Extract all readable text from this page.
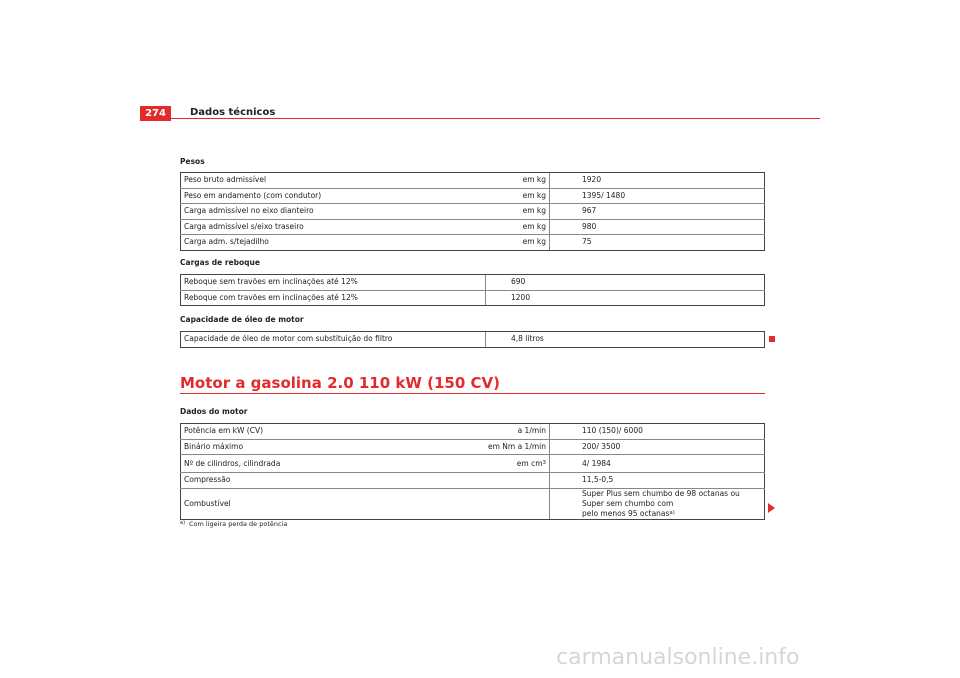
274	Dados técnicos
Pesos
Peso bruto admissível	em kg	1920
Peso em andamento (com condutor)	em kg	1395/ 1480
Carga admissível no eixo dianteiro	em kg	967
Carga admissível s/eixo traseiro	em kg	980
Carga adm. s/tejadilho	em kg	75
Cargas de reboque
Reboque sem travões em inclinações até 12%	690
Reboque com travões em inclinações até 12%	1200
Capacidade de óleo de motor
Capacidade de óleo de motor com substituição do filtro	4,8 litros
Motor a gasolina 2.0 110 kW (150 CV)
Dados do motor
Potência em kW (CV)	a 1/min	110 (150)/ 6000
Binário máximo	em Nm a 1/min	200/ 3500
Nº de cilindros, cilindrada	em $cm^3$	4/ 1984
Compressão		11,5-0,5
Combustível		Super Plus sem chumbo de 98 octanas ou Super sem chumbo com
pelo menos 95 octanas$^{a)}$
$^{a)}$ Com ligeira perda de potência
carmanualsonline.info
